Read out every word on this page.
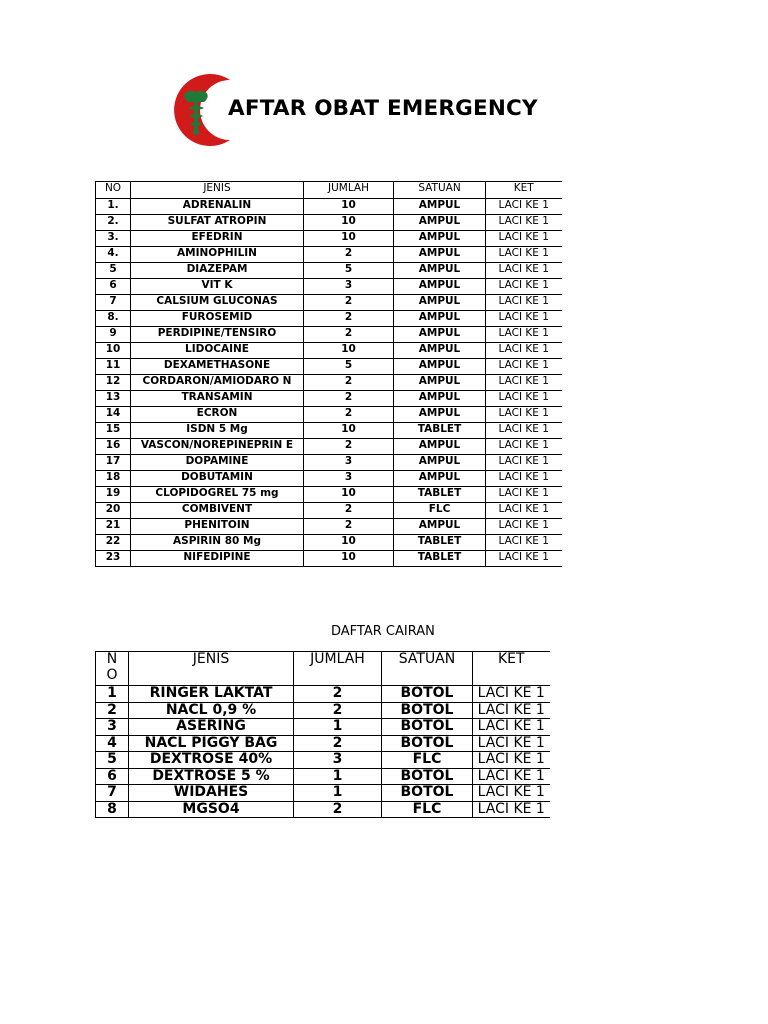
AFTAR OBAT EMERGENCY
NO	JENIS	JUMLAH	SATUAN	KET
1.	ADRENALIN	10	AMPUL	LACI KE 1
2.	SULFAT ATROPIN	10	AMPUL	LACI KE 1
3.	EFEDRIN	10	AMPUL	LACI KE 1
4.	AMINOPHILIN	2	AMPUL	LACI KE 1
5	DIAZEPAM	5	AMPUL	LACI KE 1
6	VIT K	3	AMPUL	LACI KE 1
7	CALSIUM GLUCONAS	2	AMPUL	LACI KE 1
8.	FUROSEMID	2	AMPUL	LACI KE 1
9	PERDIPINE/TENSIRO	2	AMPUL	LACI KE 1
10	LIDOCAINE	10	AMPUL	LACI KE 1
11	DEXAMETHASONE	5	AMPUL	LACI KE 1
12	CORDARON/AMIODARO N	2	AMPUL	LACI KE 1
13	TRANSAMIN	2	AMPUL	LACI KE 1
14	ECRON	2	AMPUL	LACI KE 1
15	ISDN 5 Mg	10	TABLET	LACI KE 1
16	VASCON/NOREPINEPRIN E	2	AMPUL	LACI KE 1
17	DOPAMINE	3	AMPUL	LACI KE 1
18	DOBUTAMIN	3	AMPUL	LACI KE 1
19	CLOPIDOGREL 75 mg	10	TABLET	LACI KE 1
20	COMBIVENT	2	FLC	LACI KE 1
21	PHENITOIN	2	AMPUL	LACI KE 1
22	ASPIRIN 80 Mg	10	TABLET	LACI KE 1
23	NIFEDIPINE	10	TABLET	LACI KE 1
DAFTAR CAIRAN
N O	JENIS	JUMLAH	SATUAN	KET
1	RINGER LAKTAT	2	BOTOL	LACI KE 1
2	NACL 0,9 %	2	BOTOL	LACI KE 1
3	ASERING	1	BOTOL	LACI KE 1
4	NACL PIGGY BAG	2	BOTOL	LACI KE 1
5	DEXTROSE 40%	3	FLC	LACI KE 1
6	DEXTROSE 5 %	1	BOTOL	LACI KE 1
7	WIDAHES	1	BOTOL	LACI KE 1
8	MGSO4	2	FLC	LACI KE 1
